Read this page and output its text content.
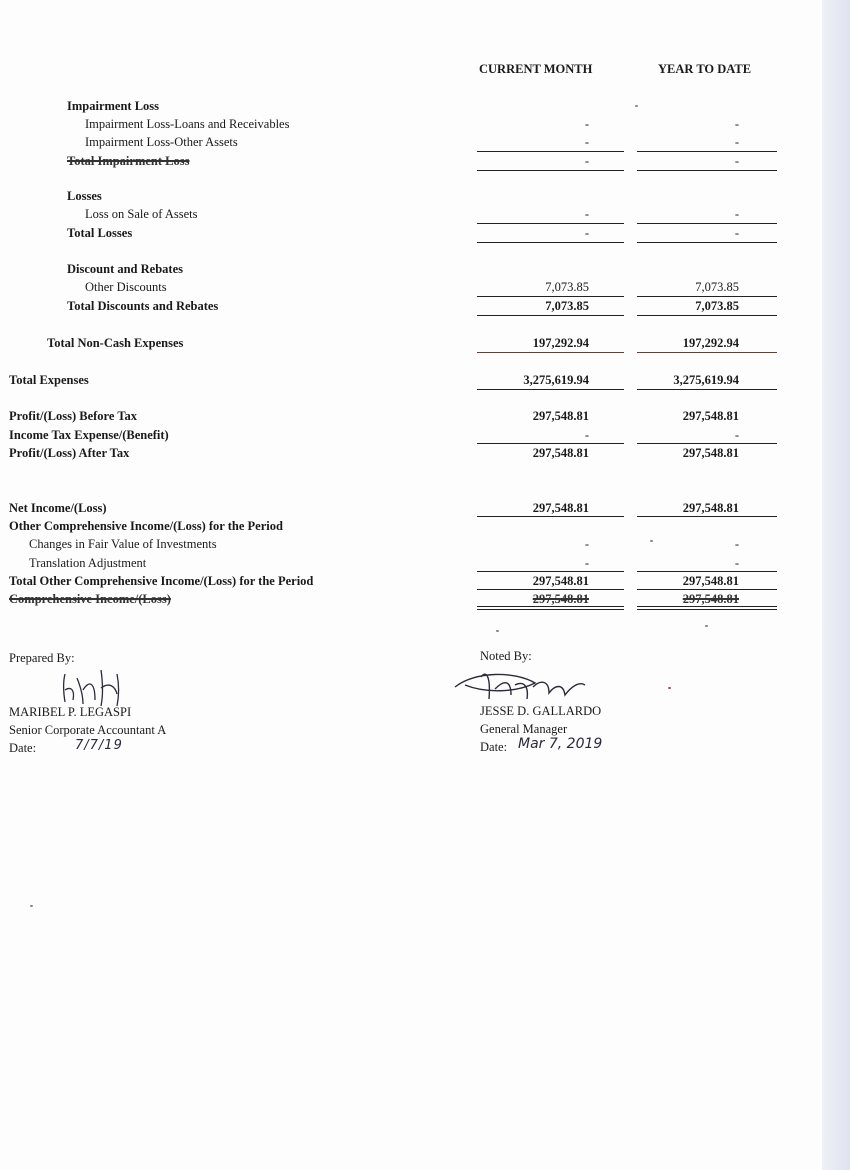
CURRENT MONTH	YEAR TO DATE
Impairment Loss
Impairment Loss-Loans and Receivables	-	-
Impairment Loss-Other Assets	-	-
Total Impairment Loss	-	-
Losses
Loss on Sale of Assets	-	-
Total Losses	-	-
Discount and Rebates
Other Discounts	7,073.85	7,073.85
Total Discounts and Rebates	7,073.85	7,073.85
Total Non-Cash Expenses	197,292.94	197,292.94
Total Expenses	3,275,619.94	3,275,619.94
Profit/(Loss) Before Tax	297,548.81	297,548.81
Income Tax Expense/(Benefit)	-	-
Profit/(Loss) After Tax	297,548.81	297,548.81
Net Income/(Loss)	297,548.81	297,548.81
Other Comprehensive Income/(Loss) for the Period
Changes in Fair Value of Investments	-	-
Translation Adjustment	-	-
Total Other Comprehensive Income/(Loss) for the Period	297,548.81	297,548.81
Comprehensive Income/(Loss)	297,548.81	297,548.81
Prepared By:
MARIBEL P. LEGASPI
Senior Corporate Accountant A
Date:	7/7/19
Noted By:
JESSE D. GALLARDO
General Manager
Date: Mar 7, 2019
